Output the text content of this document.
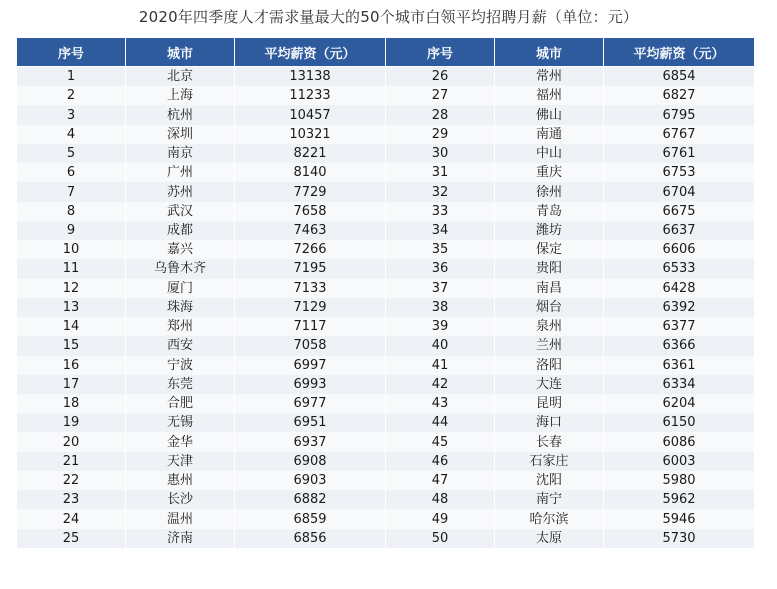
2020年四季度人才需求量最大的50个城市白领平均招聘月薪（单位：元）
序号	城市	平均薪资（元）	序号	城市	平均薪资（元）
1	北京	13138	26	常州	6854
2	上海	11233	27	福州	6827
3	杭州	10457	28	佛山	6795
4	深圳	10321	29	南通	6767
5	南京	8221	30	中山	6761
6	广州	8140	31	重庆	6753
7	苏州	7729	32	徐州	6704
8	武汉	7658	33	青岛	6675
9	成都	7463	34	潍坊	6637
10	嘉兴	7266	35	保定	6606
11	乌鲁木齐	7195	36	贵阳	6533
12	厦门	7133	37	南昌	6428
13	珠海	7129	38	烟台	6392
14	郑州	7117	39	泉州	6377
15	西安	7058	40	兰州	6366
16	宁波	6997	41	洛阳	6361
17	东莞	6993	42	大连	6334
18	合肥	6977	43	昆明	6204
19	无锡	6951	44	海口	6150
20	金华	6937	45	长春	6086
21	天津	6908	46	石家庄	6003
22	惠州	6903	47	沈阳	5980
23	长沙	6882	48	南宁	5962
24	温州	6859	49	哈尔滨	5946
25	济南	6856	50	太原	5730
